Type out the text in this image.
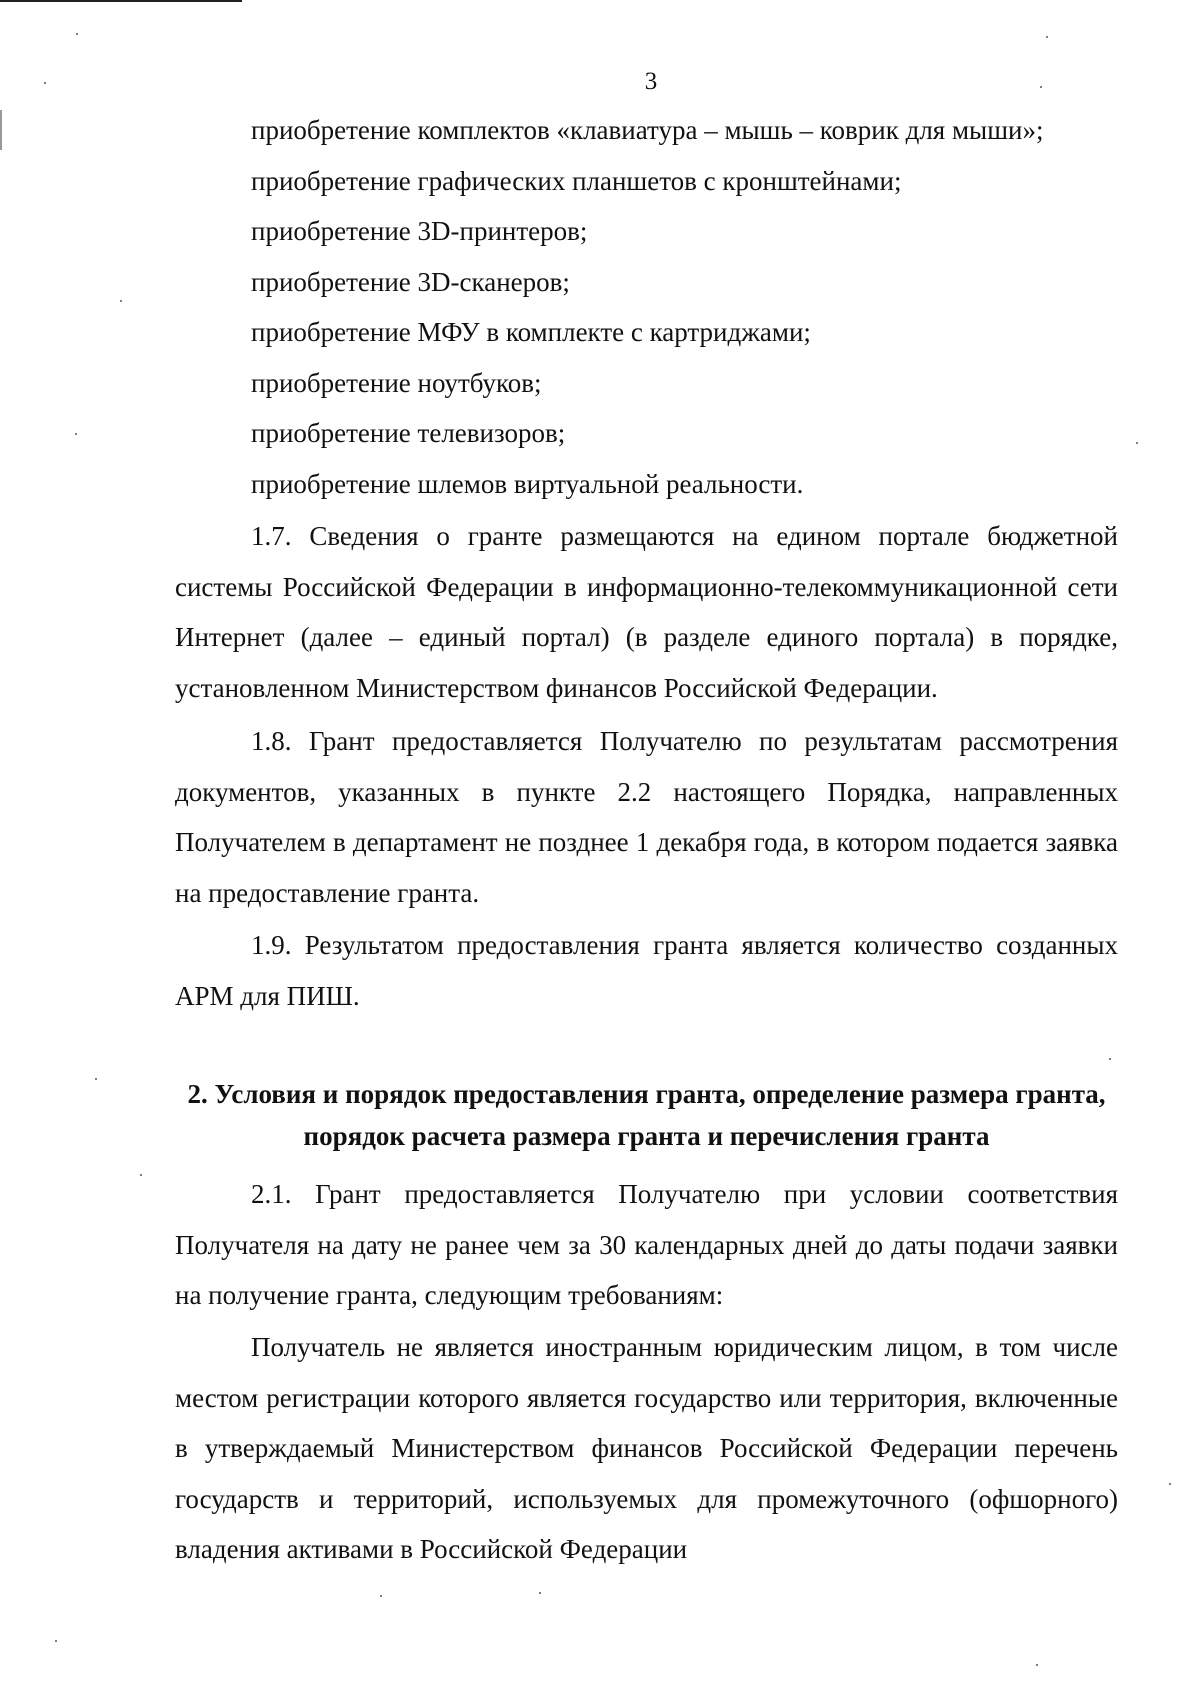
3

приобретение комплектов «клавиатура – мышь – коврик для мыши»;

приобретение графических планшетов с кронштейнами;

приобретение 3D-принтеров;

приобретение 3D-сканеров;

приобретение МФУ в комплекте с картриджами;

приобретение ноутбуков;

приобретение телевизоров;

приобретение шлемов виртуальной реальности.

1.7. Сведения о гранте размещаются на едином портале бюджетной системы Российской Федерации в информационно-телекоммуникационной сети Интернет (далее – единый портал) (в разделе единого портала) в порядке, установленном Министерством финансов Российской Федерации.

1.8. Грант предоставляется Получателю по результатам рассмотрения документов, указанных в пункте 2.2 настоящего Порядка, направленных Получателем в департамент не позднее 1 декабря года, в котором подается заявка на предоставление гранта.

1.9. Результатом предоставления гранта является количество созданных АРМ для ПИШ.

2. Условия и порядок предоставления гранта, определение размера гранта,
порядок расчета размера гранта и перечисления гранта

2.1. Грант предоставляется Получателю при условии соответствия Получателя на дату не ранее чем за 30 календарных дней до даты подачи заявки на получение гранта, следующим требованиям:

Получатель не является иностранным юридическим лицом, в том числе местом регистрации которого является государство или территория, включенные в утверждаемый Министерством финансов Российской Федерации перечень государств и территорий, используемых для промежуточного (офшорного) владения активами в Российской Федерации
